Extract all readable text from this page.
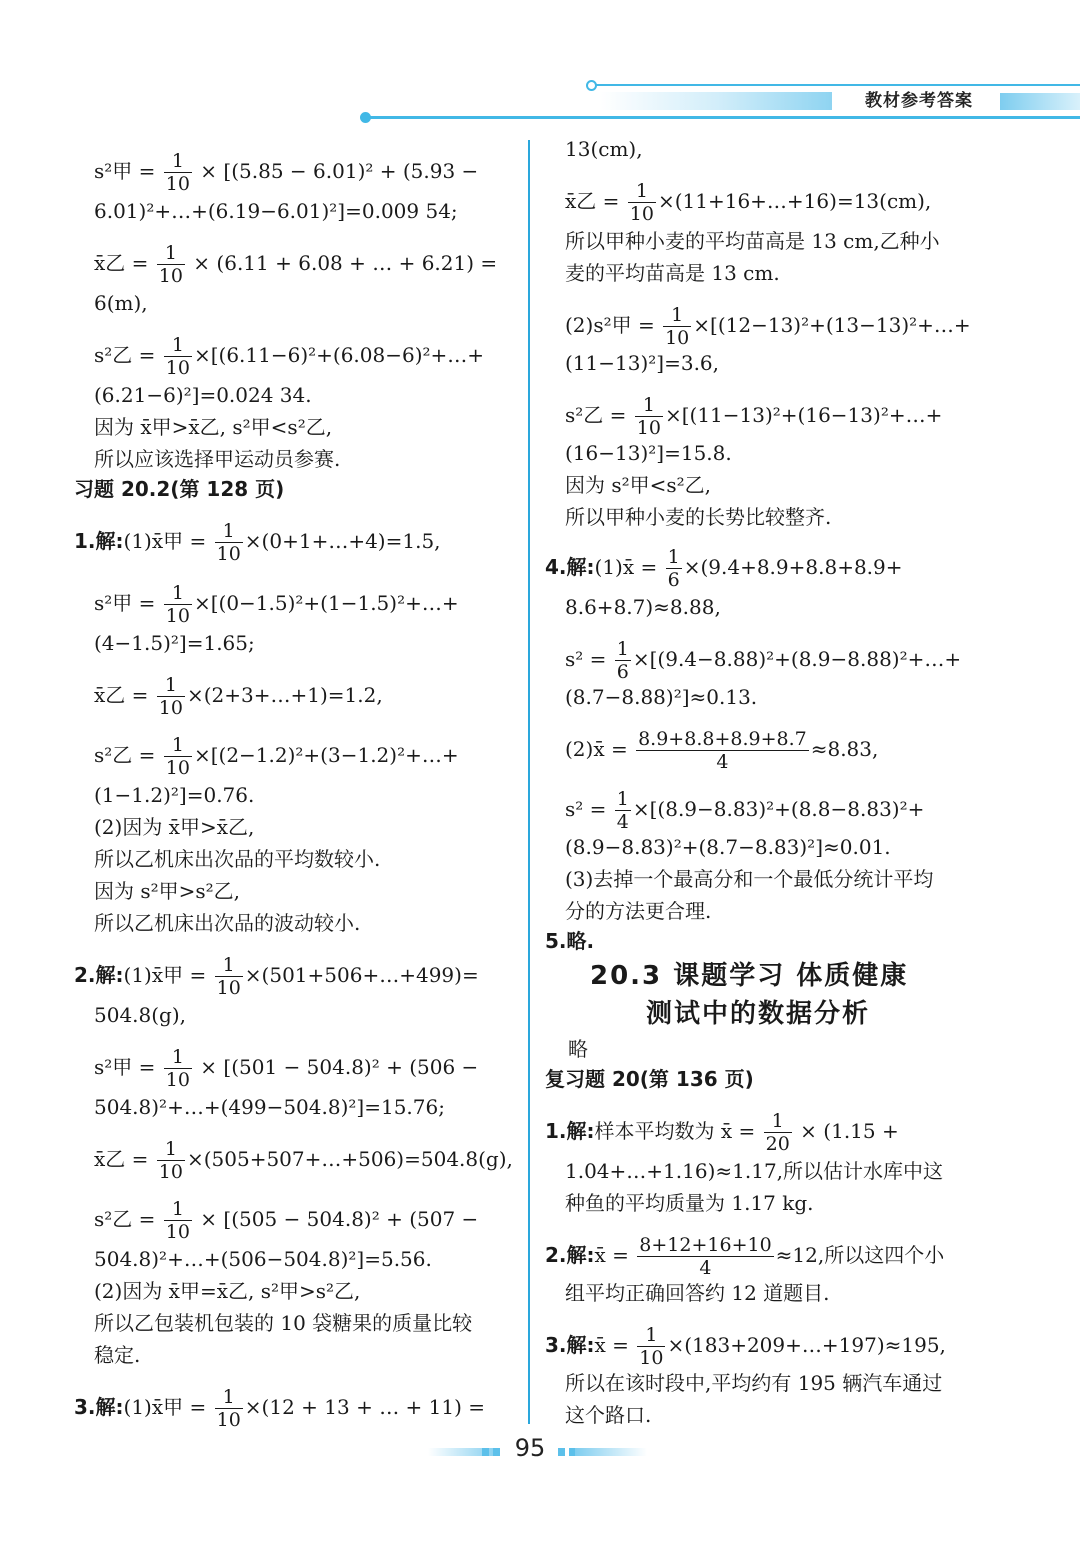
教材参考答案
s²甲 = $\frac{1}{10} \times [(5.85 - 6.01)^2 + (5.93$ −
6.01)²+…+(6.19−6.01)²]=0.009 54;
x̄乙 = $\frac{1}{10} \times (6.11 + 6.08$ + … + 6.21) =
6(m),
s²乙 = $\frac{1}{10}$ ×[(6.11−6)²+(6.08−6)²+…+
(6.21−6)²]=0.024 34.
因为 x̄甲>x̄乙, s²甲<s²乙,
所以应该选择甲运动员参赛.
习题 20.2(第 128 页)
1.解:(1)x̄甲 = $\frac{1}{10}$ ×(0+1+…+4)=1.5,
s²甲 = $\frac{1}{10}$ ×[(0−1.5)²+(1−1.5)²+…+
(4−1.5)²]=1.65;
x̄乙 = $\frac{1}{10}$ ×(2+3+…+1)=1.2,
s²乙 = $\frac{1}{10}$ ×[(2−1.2)²+(3−1.2)²+…+
(1−1.2)²]=0.76.
(2)因为 x̄甲>x̄乙,
所以乙机床出次品的平均数较小.
因为 s²甲>s²乙,
所以乙机床出次品的波动较小.
2.解:(1)x̄甲 = $\frac{1}{10}$ ×(501+506+…+499)=
504.8(g),
s²甲 = $\frac{1}{10} \times [(501 - 504.8)^2 + (506$ −
504.8)²+…+(499−504.8)²]=15.76;
x̄乙 = $\frac{1}{10}$ ×(505+507+…+506)=504.8(g),
s²乙 = $\frac{1}{10} \times [(505 - 504.8)^2 + (507$ −
504.8)²+…+(506−504.8)²]=5.56.
(2)因为 x̄甲=x̄乙, s²甲>s²乙,
所以乙包装机包装的 10 袋糖果的质量比较
稳定.
3.解:(1)x̄甲 = $\frac{1}{10} \times(12 + 13$ + … + 11) =
13(cm),
x̄乙 = $\frac{1}{10}$ ×(11+16+…+16)=13(cm),
所以甲种小麦的平均苗高是 13 cm,乙种小
麦的平均苗高是 13 cm.
(2)s²甲 = $\frac{1}{10}$ ×[(12−13)²+(13−13)²+…+
(11−13)²]=3.6,
s²乙 = $\frac{1}{10}$ ×[(11−13)²+(16−13)²+…+
(16−13)²]=15.8.
因为 s²甲<s²乙,
所以甲种小麦的长势比较整齐.
4.解:(1)x̄ = $\frac{1}{6} \times(9.4+8.9+8.8+8.9+$
8.6+8.7)≈8.88,
$s^2 = \frac{1}{6}$ ×[(9.4−8.88)²+(8.9−8.88)²+…+
(8.7−8.88)²]≈0.13.
(2)x̄ = $\frac{8.9+8.8+8.9+8.7}{4} \approx 8.83$,
$s^2 = \frac{1}{4} \times[(8.9-8.83)^2+(8.8-8.83)^2+$
(8.9−8.83)²+(8.7−8.83)²]≈0.01.
(3)去掉一个最高分和一个最低分统计平均
分的方法更合理.
5.略.
20.3 课题学习 体质健康
测试中的数据分析
略
复习题 20(第 136 页)
1.解:样本平均数为 x̄ = $\frac{1}{20} \times (1.15$ +
1.04+…+1.16)≈1.17,所以估计水库中这
种鱼的平均质量为 1.17 kg.
2.解:x̄ = $\frac{8+12+16+10}{4} \approx 12$,所以这四个小
组平均正确回答约 12 道题目.
3.解:x̄ = $\frac{1}{10}$ ×(183+209+…+197)≈195,
所以在该时段中,平均约有 195 辆汽车通过
这个路口.
95
